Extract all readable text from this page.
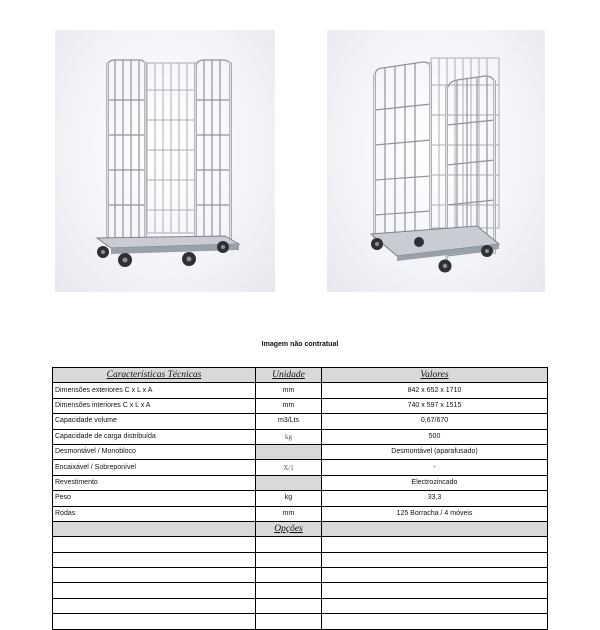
Imagem não contratual
Características Técnicas	Unidade	Valores
Dimensões exteriores C x L x A	mm	842 x 652 x 1710
Dimensões interiores C x L x A	mm	740 x 597 x 1515
Capacidade volume	m3/Lts	0,67/670
Capacidade de carga distribuída	kg	500
Desmontável / Monobloco		Desmontável (aparafusado)
Encaixável / Sobreponível	X/1	-
Revestimento		Electrozincado
Peso	kg	33,3
Rodas	mm	125 Borracha / 4 móveis
	Opções	
